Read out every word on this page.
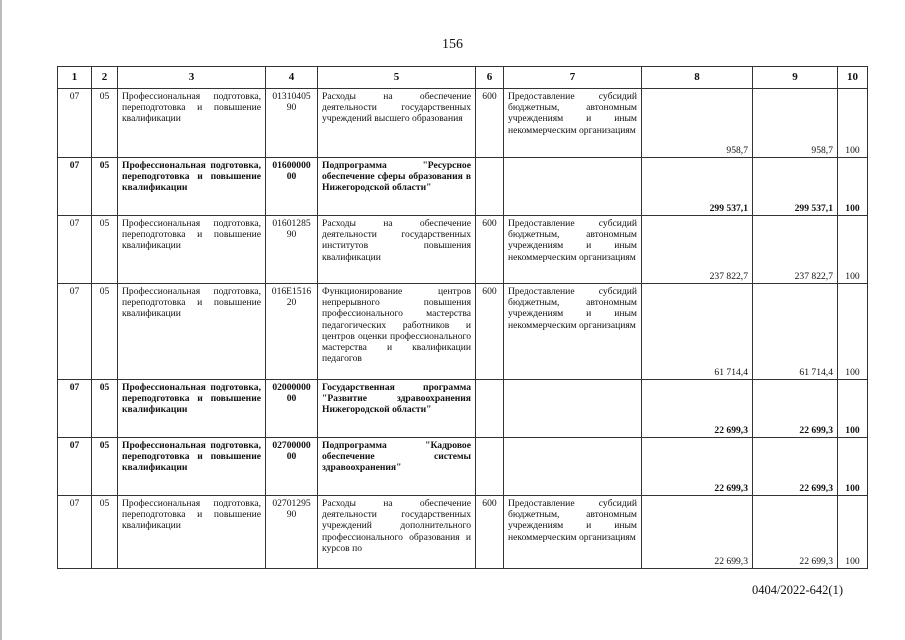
156
1	2	3	4	5	6	7	8	9	10
07	05	Профессиональная подготовка, переподготовка и повышение квалификации	0131040590	Расходы на обеспечение деятельности государственных учреждений высшего образования	600	Предоставление субсидий бюджетным, автономным учреждениям и иным некоммерческим организациям	958,7	958,7	100
07	05	Профессиональная подготовка, переподготовка и повышение квалификации	0160000000	Подпрограмма "Ресурсное обеспечение сферы образования в Нижегородской области"			299 537,1	299 537,1	100
07	05	Профессиональная подготовка, переподготовка и повышение квалификации	0160128590	Расходы на обеспечение деятельности государственных институтов повышения квалификации	600	Предоставление субсидий бюджетным, автономным учреждениям и иным некоммерческим организациям	237 822,7	237 822,7	100
07	05	Профессиональная подготовка, переподготовка и повышение квалификации	016E151620	Функционирование центров непрерывного повышения профессионального мастерства педагогических работников и центров оценки профессионального мастерства и квалификации педагогов	600	Предоставление субсидий бюджетным, автономным учреждениям и иным некоммерческим организациям	61 714,4	61 714,4	100
07	05	Профессиональная подготовка, переподготовка и повышение квалификации	0200000000	Государственная программа "Развитие здравоохранения Нижегородской области"			22 699,3	22 699,3	100
07	05	Профессиональная подготовка, переподготовка и повышение квалификации	0270000000	Подпрограмма "Кадровое обеспечение системы здравоохранения"			22 699,3	22 699,3	100
07	05	Профессиональная подготовка, переподготовка и повышение квалификации	0270129590	Расходы на обеспечение деятельности государственных учреждений дополнительного профессионального образования и курсов по	600	Предоставление субсидий бюджетным, автономным учреждениям и иным некоммерческим организациям	22 699,3	22 699,3	100
0404/2022-642(1)
